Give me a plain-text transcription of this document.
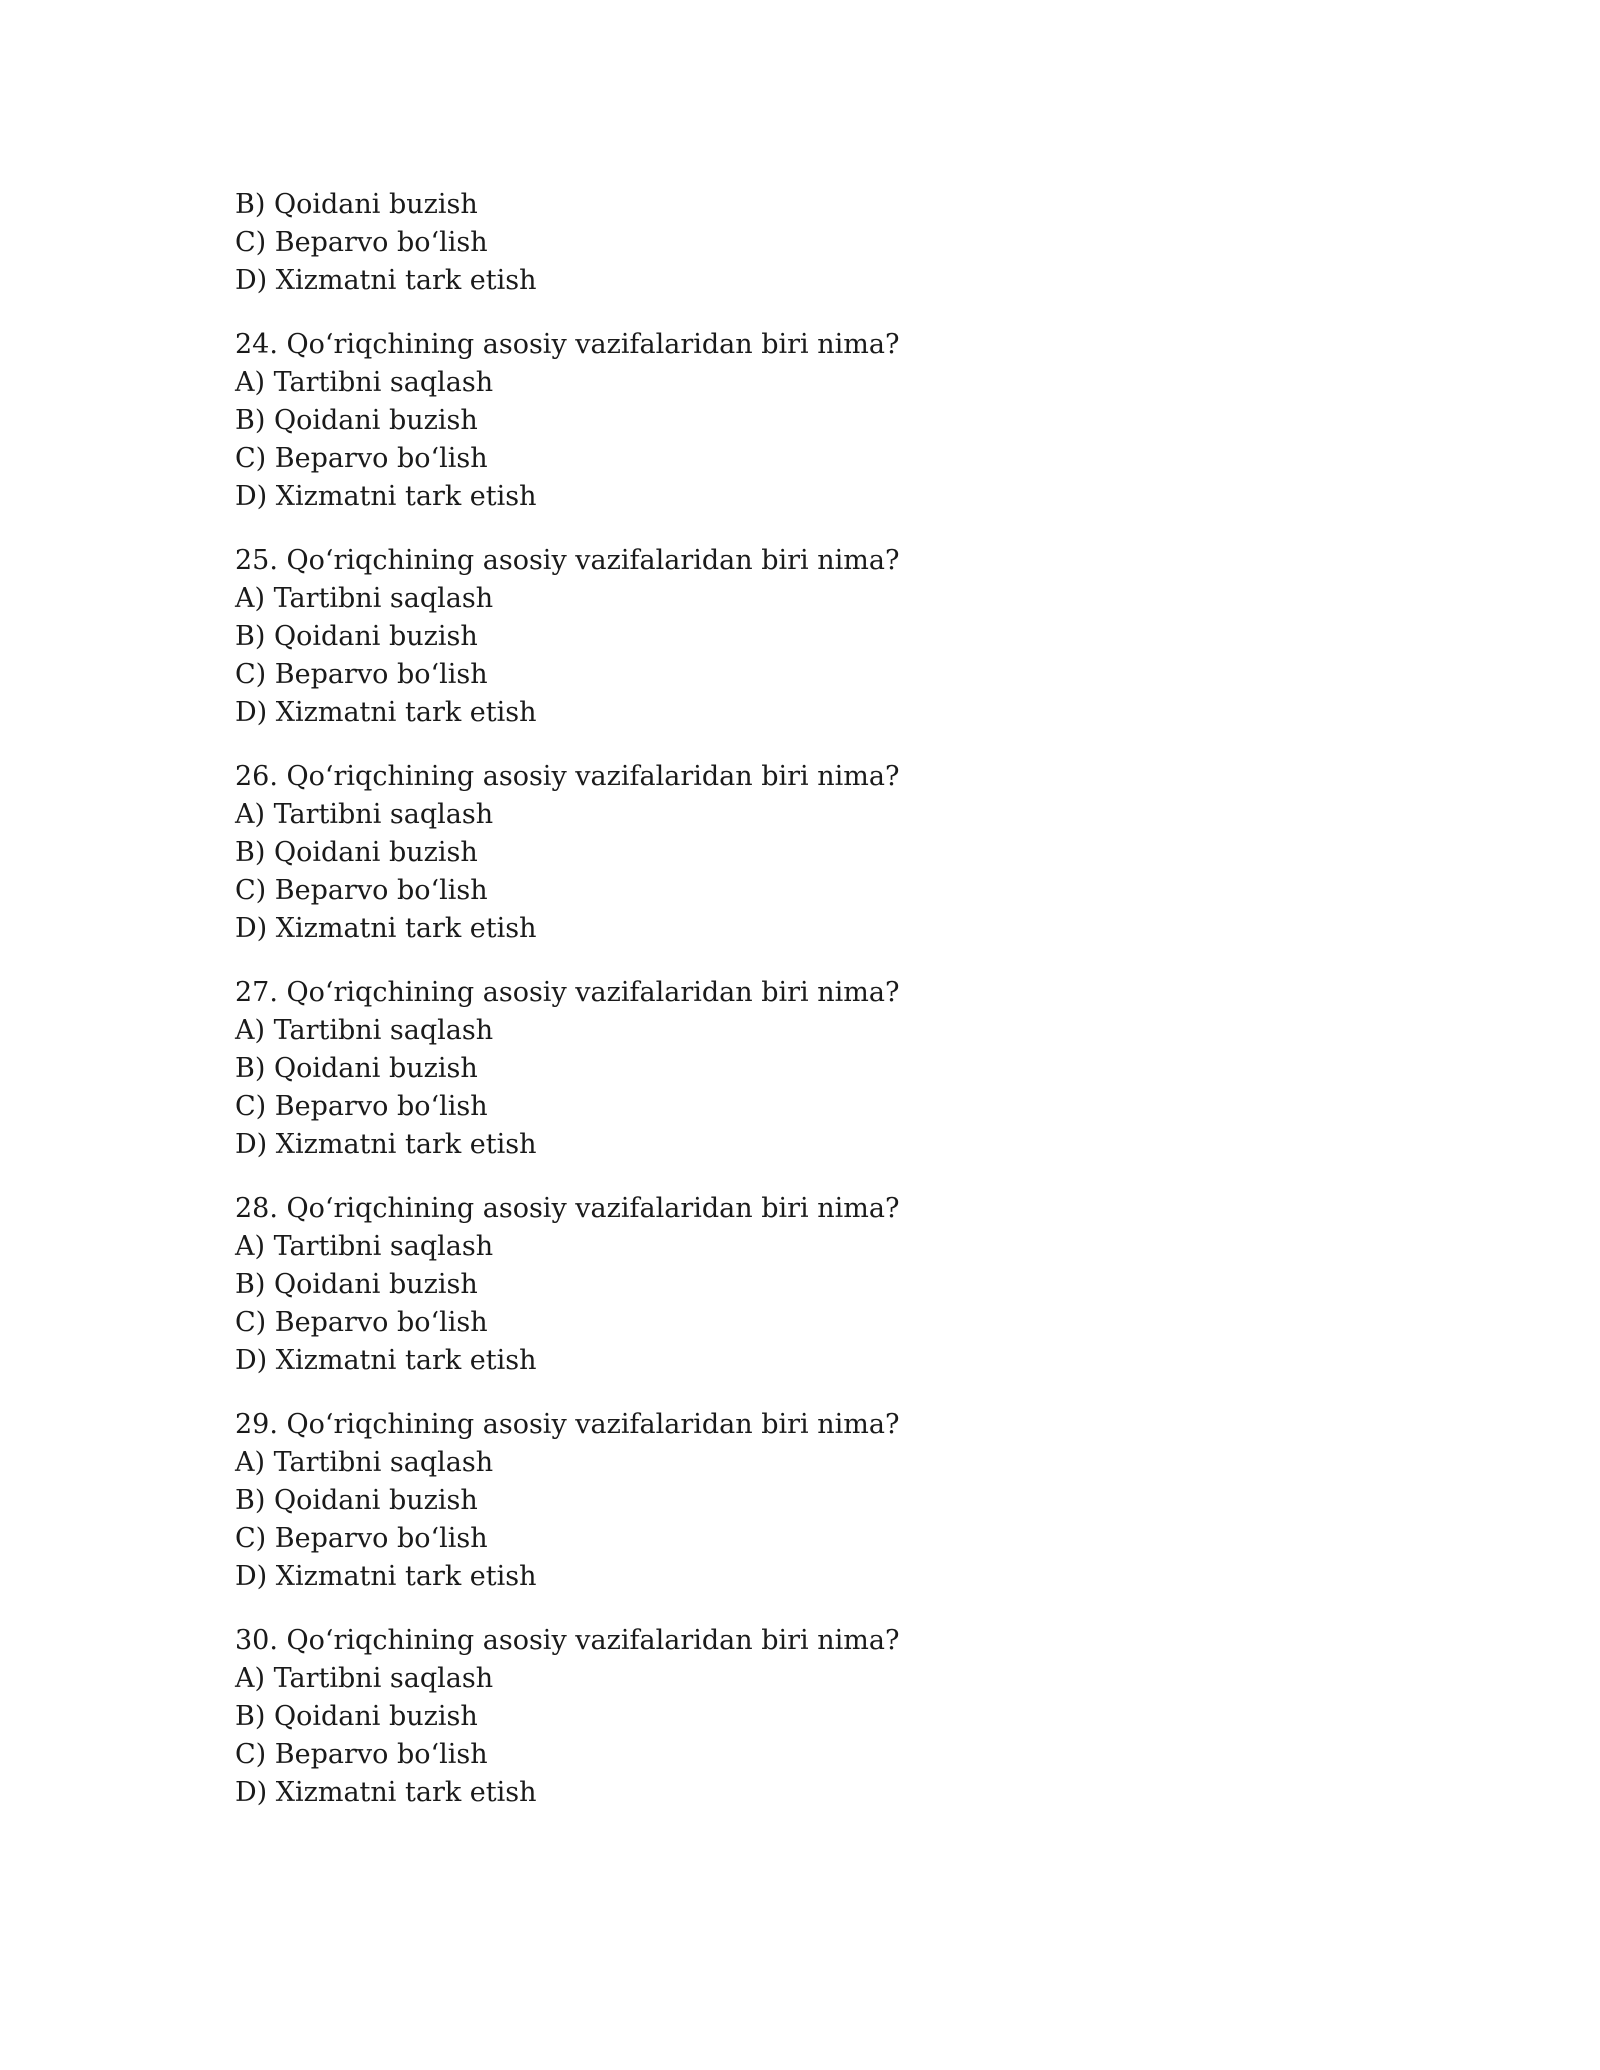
B) Qoidani buzish
C) Beparvo bo‘lish
D) Xizmatni tark etish
24. Qo‘riqchining asosiy vazifalaridan biri nima?
A) Tartibni saqlash
B) Qoidani buzish
C) Beparvo bo‘lish
D) Xizmatni tark etish
25. Qo‘riqchining asosiy vazifalaridan biri nima?
A) Tartibni saqlash
B) Qoidani buzish
C) Beparvo bo‘lish
D) Xizmatni tark etish
26. Qo‘riqchining asosiy vazifalaridan biri nima?
A) Tartibni saqlash
B) Qoidani buzish
C) Beparvo bo‘lish
D) Xizmatni tark etish
27. Qo‘riqchining asosiy vazifalaridan biri nima?
A) Tartibni saqlash
B) Qoidani buzish
C) Beparvo bo‘lish
D) Xizmatni tark etish
28. Qo‘riqchining asosiy vazifalaridan biri nima?
A) Tartibni saqlash
B) Qoidani buzish
C) Beparvo bo‘lish
D) Xizmatni tark etish
29. Qo‘riqchining asosiy vazifalaridan biri nima?
A) Tartibni saqlash
B) Qoidani buzish
C) Beparvo bo‘lish
D) Xizmatni tark etish
30. Qo‘riqchining asosiy vazifalaridan biri nima?
A) Tartibni saqlash
B) Qoidani buzish
C) Beparvo bo‘lish
D) Xizmatni tark etish
